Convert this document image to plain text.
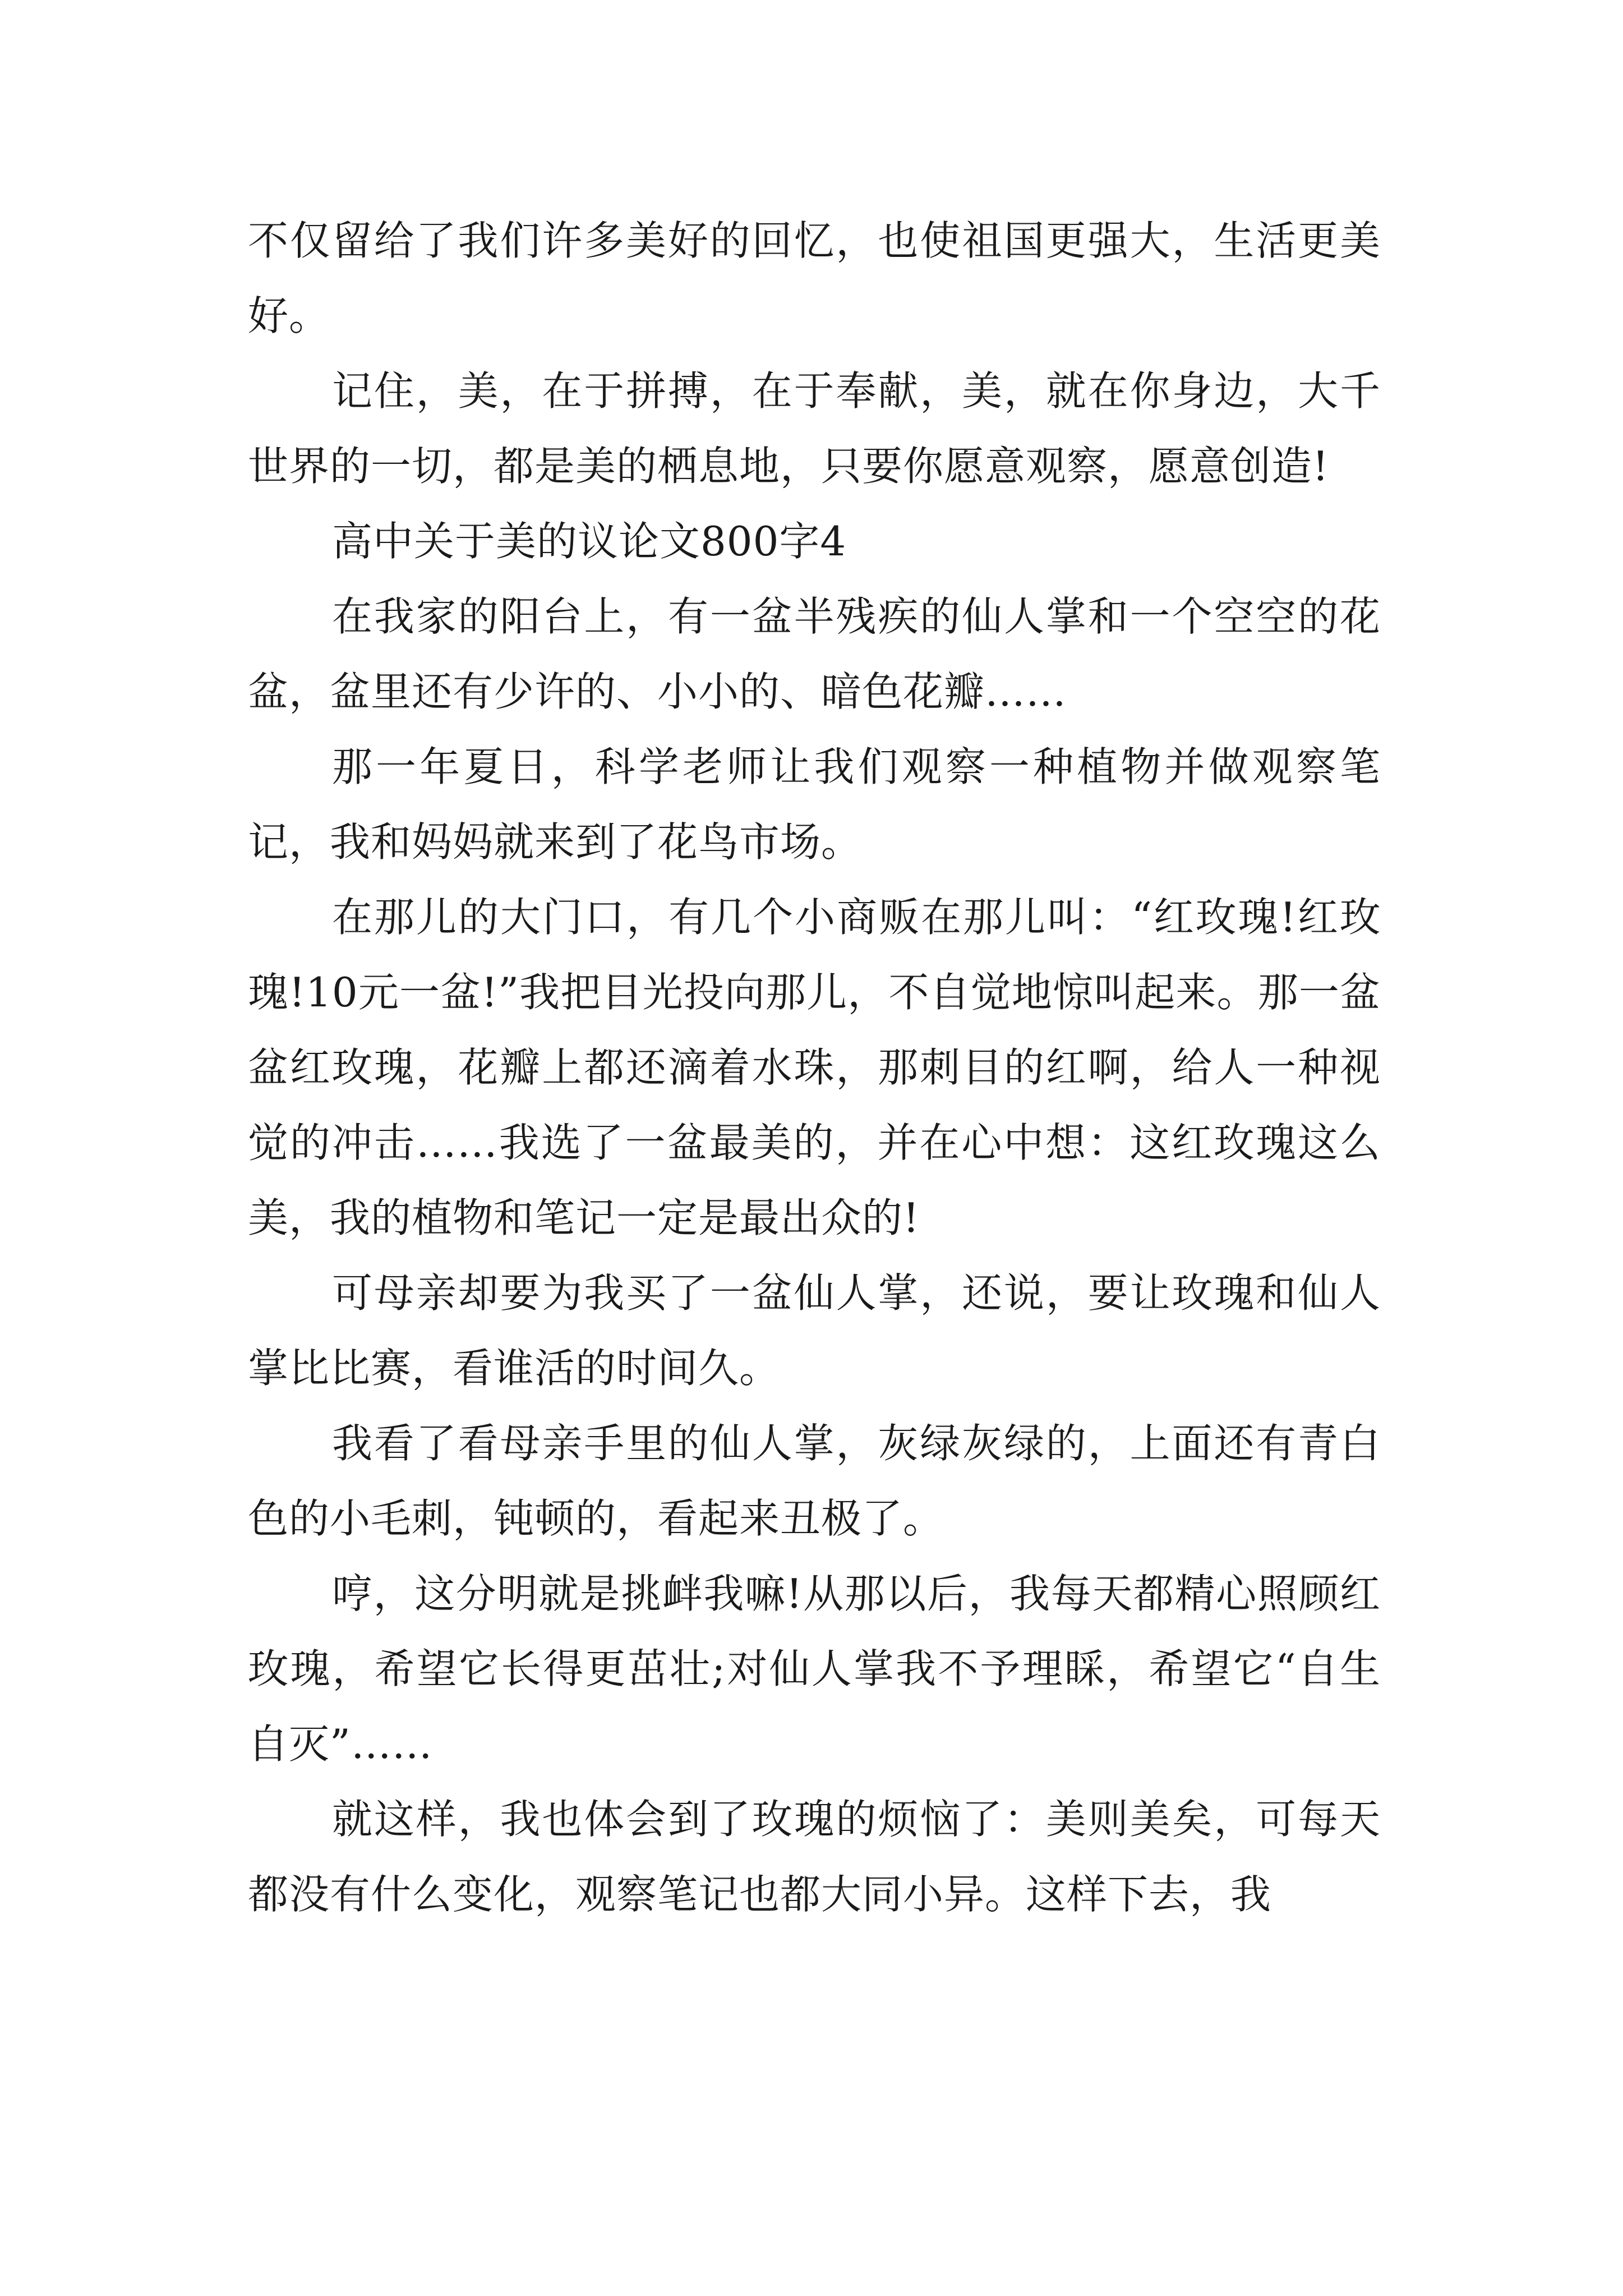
不仅留给了我们许多美好的回忆，也使祖国更强大，生活更美好。

记住，美，在于拼搏，在于奉献，美，就在你身边，大千世界的一切，都是美的栖息地，只要你愿意观察，愿意创造!

高中关于美的议论文800字4

在我家的阳台上，有一盆半残疾的仙人掌和一个空空的花盆，盆里还有少许的、小小的、暗色花瓣……

那一年夏日，科学老师让我们观察一种植物并做观察笔记，我和妈妈就来到了花鸟市场。

在那儿的大门口，有几个小商贩在那儿叫：“红玫瑰!红玫瑰!10元一盆!”我把目光投向那儿，不自觉地惊叫起来。那一盆盆红玫瑰，花瓣上都还滴着水珠，那刺目的红啊，给人一种视觉的冲击……我选了一盆最美的，并在心中想：这红玫瑰这么美，我的植物和笔记一定是最出众的!

可母亲却要为我买了一盆仙人掌，还说，要让玫瑰和仙人掌比比赛，看谁活的时间久。

我看了看母亲手里的仙人掌，灰绿灰绿的，上面还有青白色的小毛刺，钝顿的，看起来丑极了。

哼，这分明就是挑衅我嘛!从那以后，我每天都精心照顾红玫瑰，希望它长得更茁壮;对仙人掌我不予理睬，希望它“自生自灭”……

就这样，我也体会到了玫瑰的烦恼了：美则美矣，可每天都没有什么变化，观察笔记也都大同小异。这样下去，我
